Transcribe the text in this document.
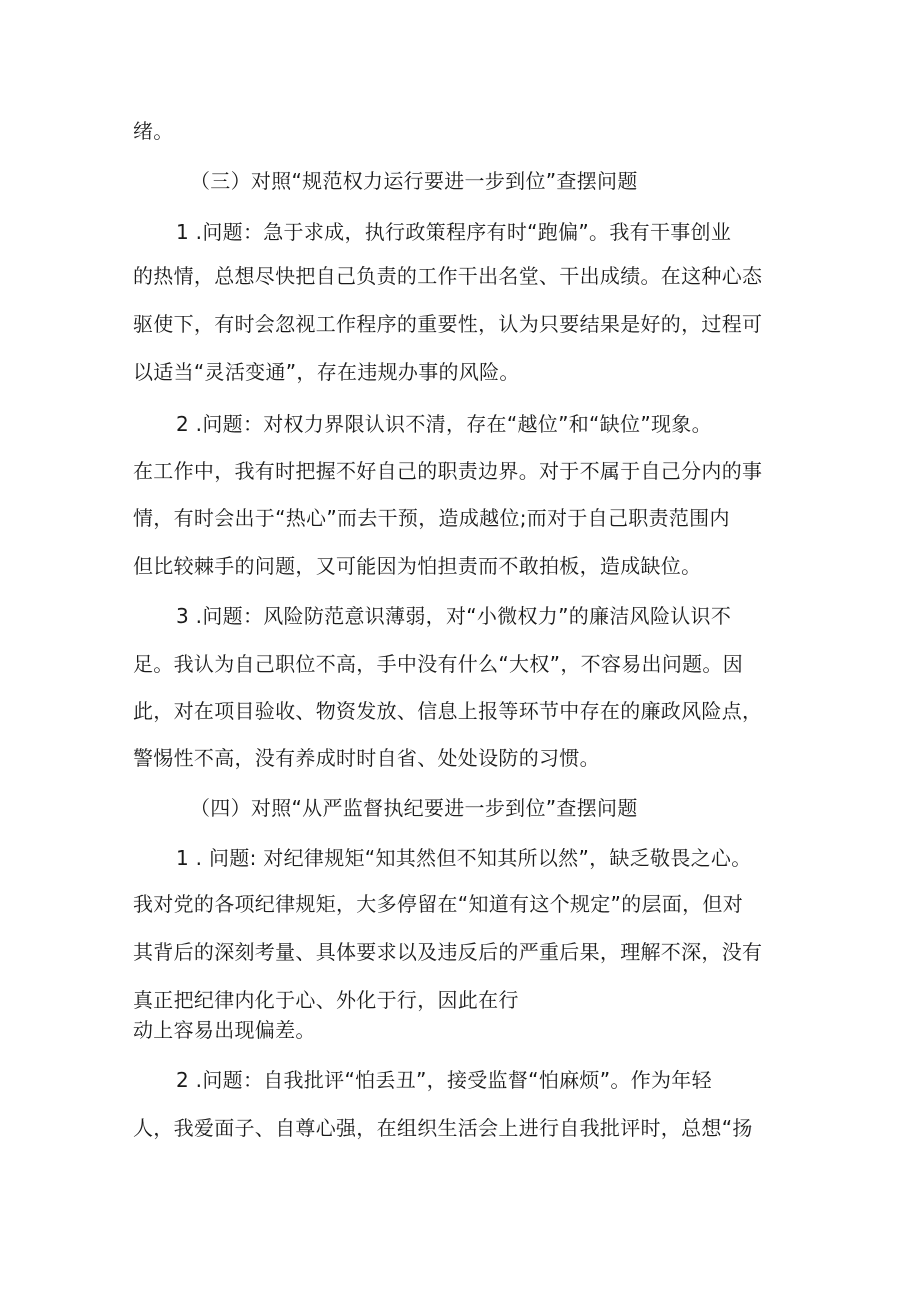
绪。
（三）对照“规范权力运行要进一步到位”查摆问题
1 .问题：急于求成，执行政策程序有时“跑偏”。我有干事创业
的热情，总想尽快把自己负责的工作干出名堂、干出成绩。在这种心态
驱使下，有时会忽视工作程序的重要性，认为只要结果是好的，过程可
以适当“灵活变通”，存在违规办事的风险。
2 .问题：对权力界限认识不清，存在“越位”和“缺位”现象。
在工作中，我有时把握不好自己的职责边界。对于不属于自己分内的事
情，有时会出于“热心”而去干预，造成越位;而对于自己职责范围内
但比较棘手的问题，又可能因为怕担责而不敢拍板，造成缺位。
3 .问题：风险防范意识薄弱，对“小微权力”的廉洁风险认识不
足。我认为自己职位不高，手中没有什么“大权”，不容易出问题。因
此，对在项目验收、物资发放、信息上报等环节中存在的廉政风险点，
警惕性不高，没有养成时时自省、处处设防的习惯。
（四）对照“从严监督执纪要进一步到位”查摆问题
1 . 问题: 对纪律规矩“知其然但不知其所以然”，缺乏敬畏之心。
我对党的各项纪律规矩，大多停留在“知道有这个规定”的层面，但对
其背后的深刻考量、具体要求以及违反后的严重后果，理解不深，没有
真正把纪律内化于心、外化于行，因此在行
动上容易出现偏差。
2 .问题：自我批评“怕丢丑”，接受监督“怕麻烦”。作为年轻
人，我爱面子、自尊心强，在组织生活会上进行自我批评时，总想“扬
